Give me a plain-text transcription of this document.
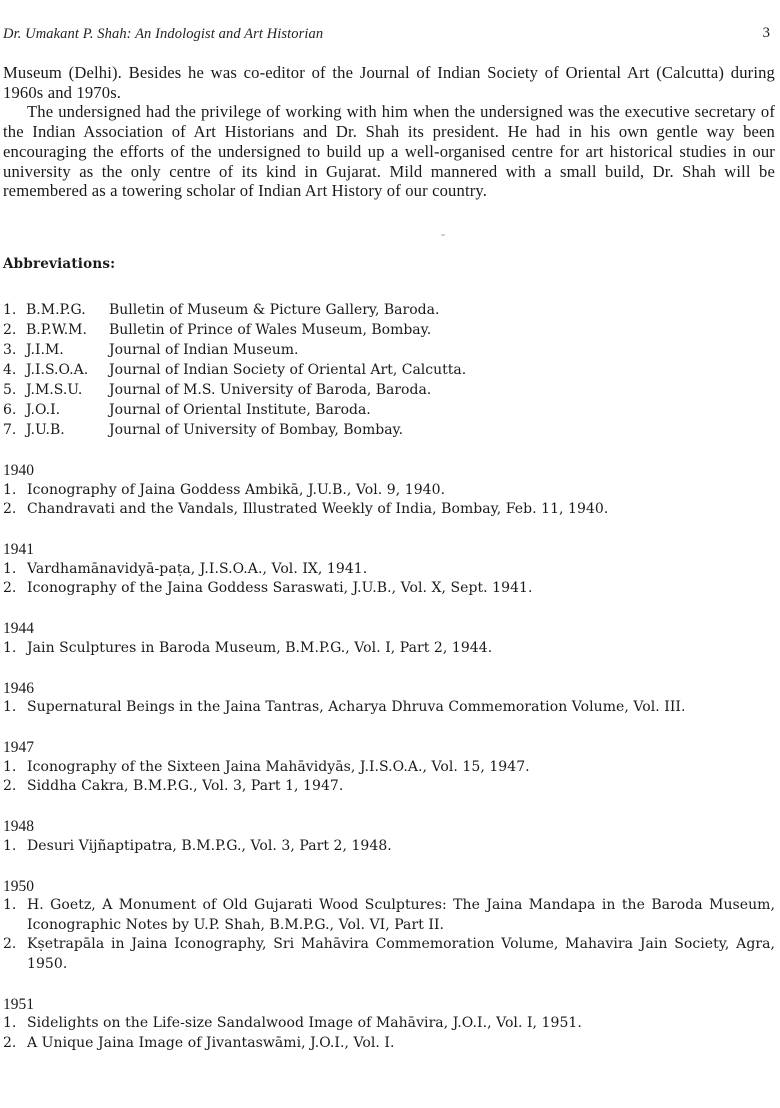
Dr. Umakant P. Shah: An Indologist and Art Historian	3

Museum (Delhi). Besides he was co-editor of the Journal of Indian Society of Oriental Art (Calcutta) during 1960s and 1970s.

The undersigned had the privilege of working with him when the undersigned was the executive secretary of the Indian Association of Art Historians and Dr. Shah its president. He had in his own gentle way been encouraging the efforts of the undersigned to build up a well-organised centre for art historical studies in our university as the only centre of its kind in Gujarat. Mild mannered with a small build, Dr. Shah will be remembered as a towering scholar of Indian Art History of our country.

Abbreviations:
1. B.M.P.G.	Bulletin of Museum & Picture Gallery, Baroda.
2. B.P.W.M.	Bulletin of Prince of Wales Museum, Bombay.
3. J.I.M.	Journal of Indian Museum.
4. J.I.S.O.A.	Journal of Indian Society of Oriental Art, Calcutta.
5. J.M.S.U.	Journal of M.S. University of Baroda, Baroda.
6. J.O.I.	Journal of Oriental Institute, Baroda.
7. J.U.B.	Journal of University of Bombay, Bombay.
1940
1. Iconography of Jaina Goddess Ambikā, J.U.B., Vol. 9, 1940.
2. Chandravati and the Vandals, Illustrated Weekly of India, Bombay, Feb. 11, 1940.
1941
1. Vardhamānavidyā-paṭa, J.I.S.O.A., Vol. IX, 1941.
2. Iconography of the Jaina Goddess Saraswati, J.U.B., Vol. X, Sept. 1941.
1944
1. Jain Sculptures in Baroda Museum, B.M.P.G., Vol. I, Part 2, 1944.
1946
1. Supernatural Beings in the Jaina Tantras, Acharya Dhruva Commemoration Volume, Vol. III.
1947
1. Iconography of the Sixteen Jaina Mahāvidyās, J.I.S.O.A., Vol. 15, 1947.
2. Siddha Cakra, B.M.P.G., Vol. 3, Part 1, 1947.
1948
1. Desuri Vijñaptipatra, B.M.P.G., Vol. 3, Part 2, 1948.
1950
1. H. Goetz, A Monument of Old Gujarati Wood Sculptures: The Jaina Mandapa in the Baroda Museum, Iconographic Notes by U.P. Shah, B.M.P.G., Vol. VI, Part II.
2. Kṣetrapāla in Jaina Iconography, Sri Mahāvira Commemoration Volume, Mahavira Jain Society, Agra, 1950.
1951
1. Sidelights on the Life-size Sandalwood Image of Mahāvira, J.O.I., Vol. I, 1951.
2. A Unique Jaina Image of Jivantaswāmi, J.O.I., Vol. I.
